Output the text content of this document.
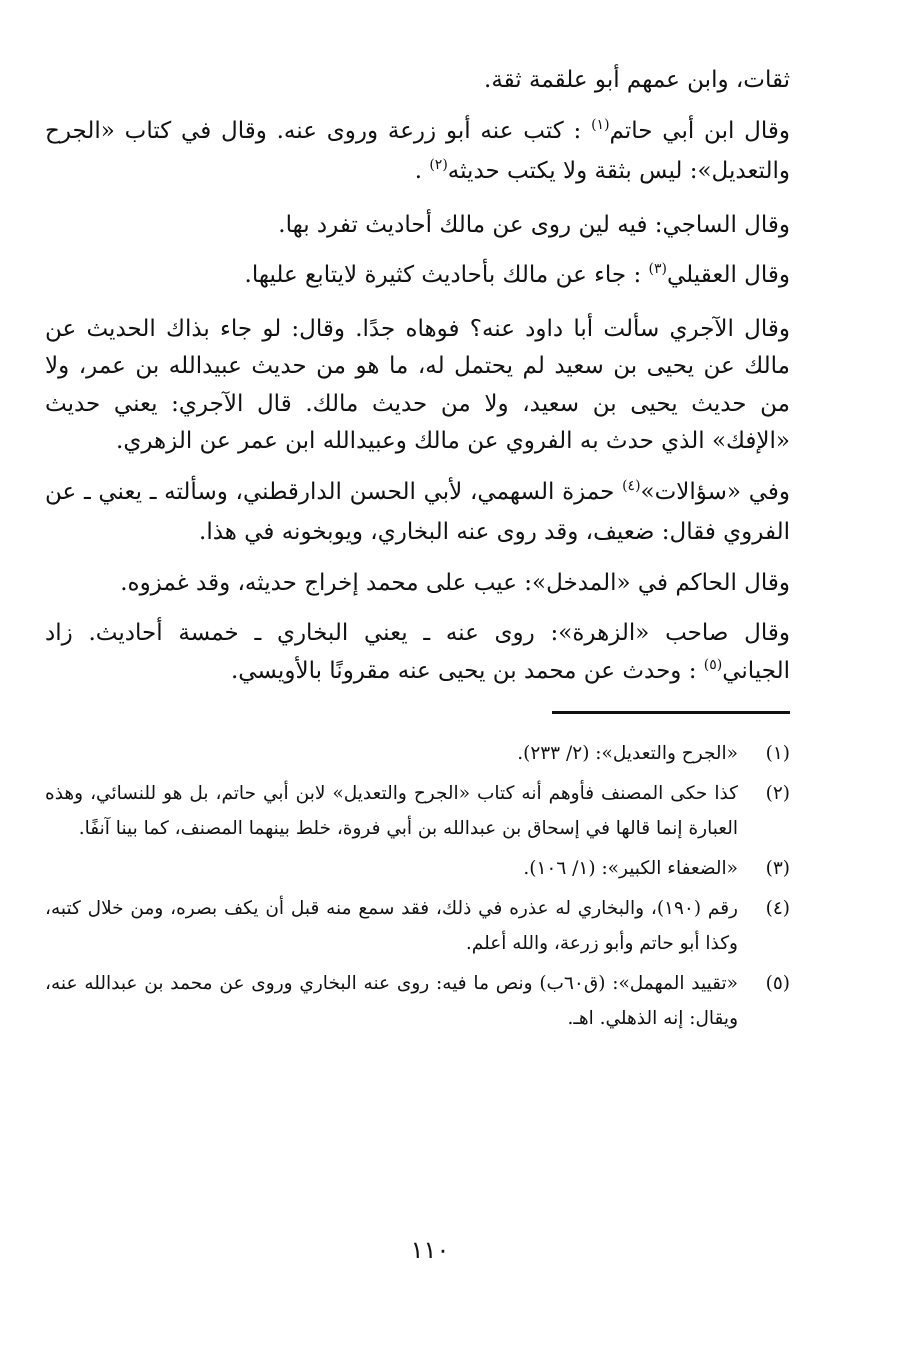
ثقات، وابن عمهم أبو علقمة ثقة.

وقال ابن أبي حاتم$^{(١)}$ : كتب عنه أبو زرعة وروى عنه. وقال في كتاب «الجرح والتعديل»: ليس بثقة ولا يكتب حديثه$^{(٢)}$ .

وقال الساجي: فيه لين روى عن مالك أحاديث تفرد بها.

وقال العقيلي$^{(٣)}$ : جاء عن مالك بأحاديث كثيرة لايتابع عليها.

وقال الآجري سألت أبا داود عنه؟ فوهاه جدًا. وقال: لو جاء بذاك الحديث عن مالك عن يحيى بن سعيد لم يحتمل له، ما هو من حديث عبيدالله بن عمر، ولا من حديث يحيى بن سعيد، ولا من حديث مالك. قال الآجري: يعني حديث «الإفك» الذي حدث به الفروي عن مالك وعبيدالله ابن عمر عن الزهري.

وفي «سؤالات»$^{(٤)}$ حمزة السهمي، لأبي الحسن الدارقطني، وسألته ـ يعني ـ عن الفروي فقال: ضعيف، وقد روى عنه البخاري، ويوبخونه في هذا.

وقال الحاكم في «المدخل»: عيب على محمد إخراج حديثه، وقد غمزوه.

وقال صاحب «الزهرة»: روى عنه ـ يعني البخاري ـ خمسة أحاديث. زاد الجياني$^{(٥)}$ : وحدث عن محمد بن يحيى عنه مقرونًا بالأويسي.

(١)
«الجرح والتعديل»: (٢/ ٢٣٣).
(٢)
كذا حكى المصنف فأوهم أنه كتاب «الجرح والتعديل» لابن أبي حاتم، بل هو للنسائي، وهذه العبارة إنما قالها في إسحاق بن عبدالله بن أبي فروة، خلط بينهما المصنف، كما بينا آنفًا.
(٣)
«الضعفاء الكبير»: (١/ ١٠٦).
(٤)
رقم (١٩٠)، والبخاري له عذره في ذلك، فقد سمع منه قبل أن يكف بصره، ومن خلال كتبه، وكذا أبو حاتم وأبو زرعة، والله أعلم.
(٥)
«تقييد المهمل»: (ق٦٠ب) ونص ما فيه: روى عنه البخاري وروى عن محمد بن عبدالله عنه، ويقال: إنه الذهلي. اهـ.
١١٠
